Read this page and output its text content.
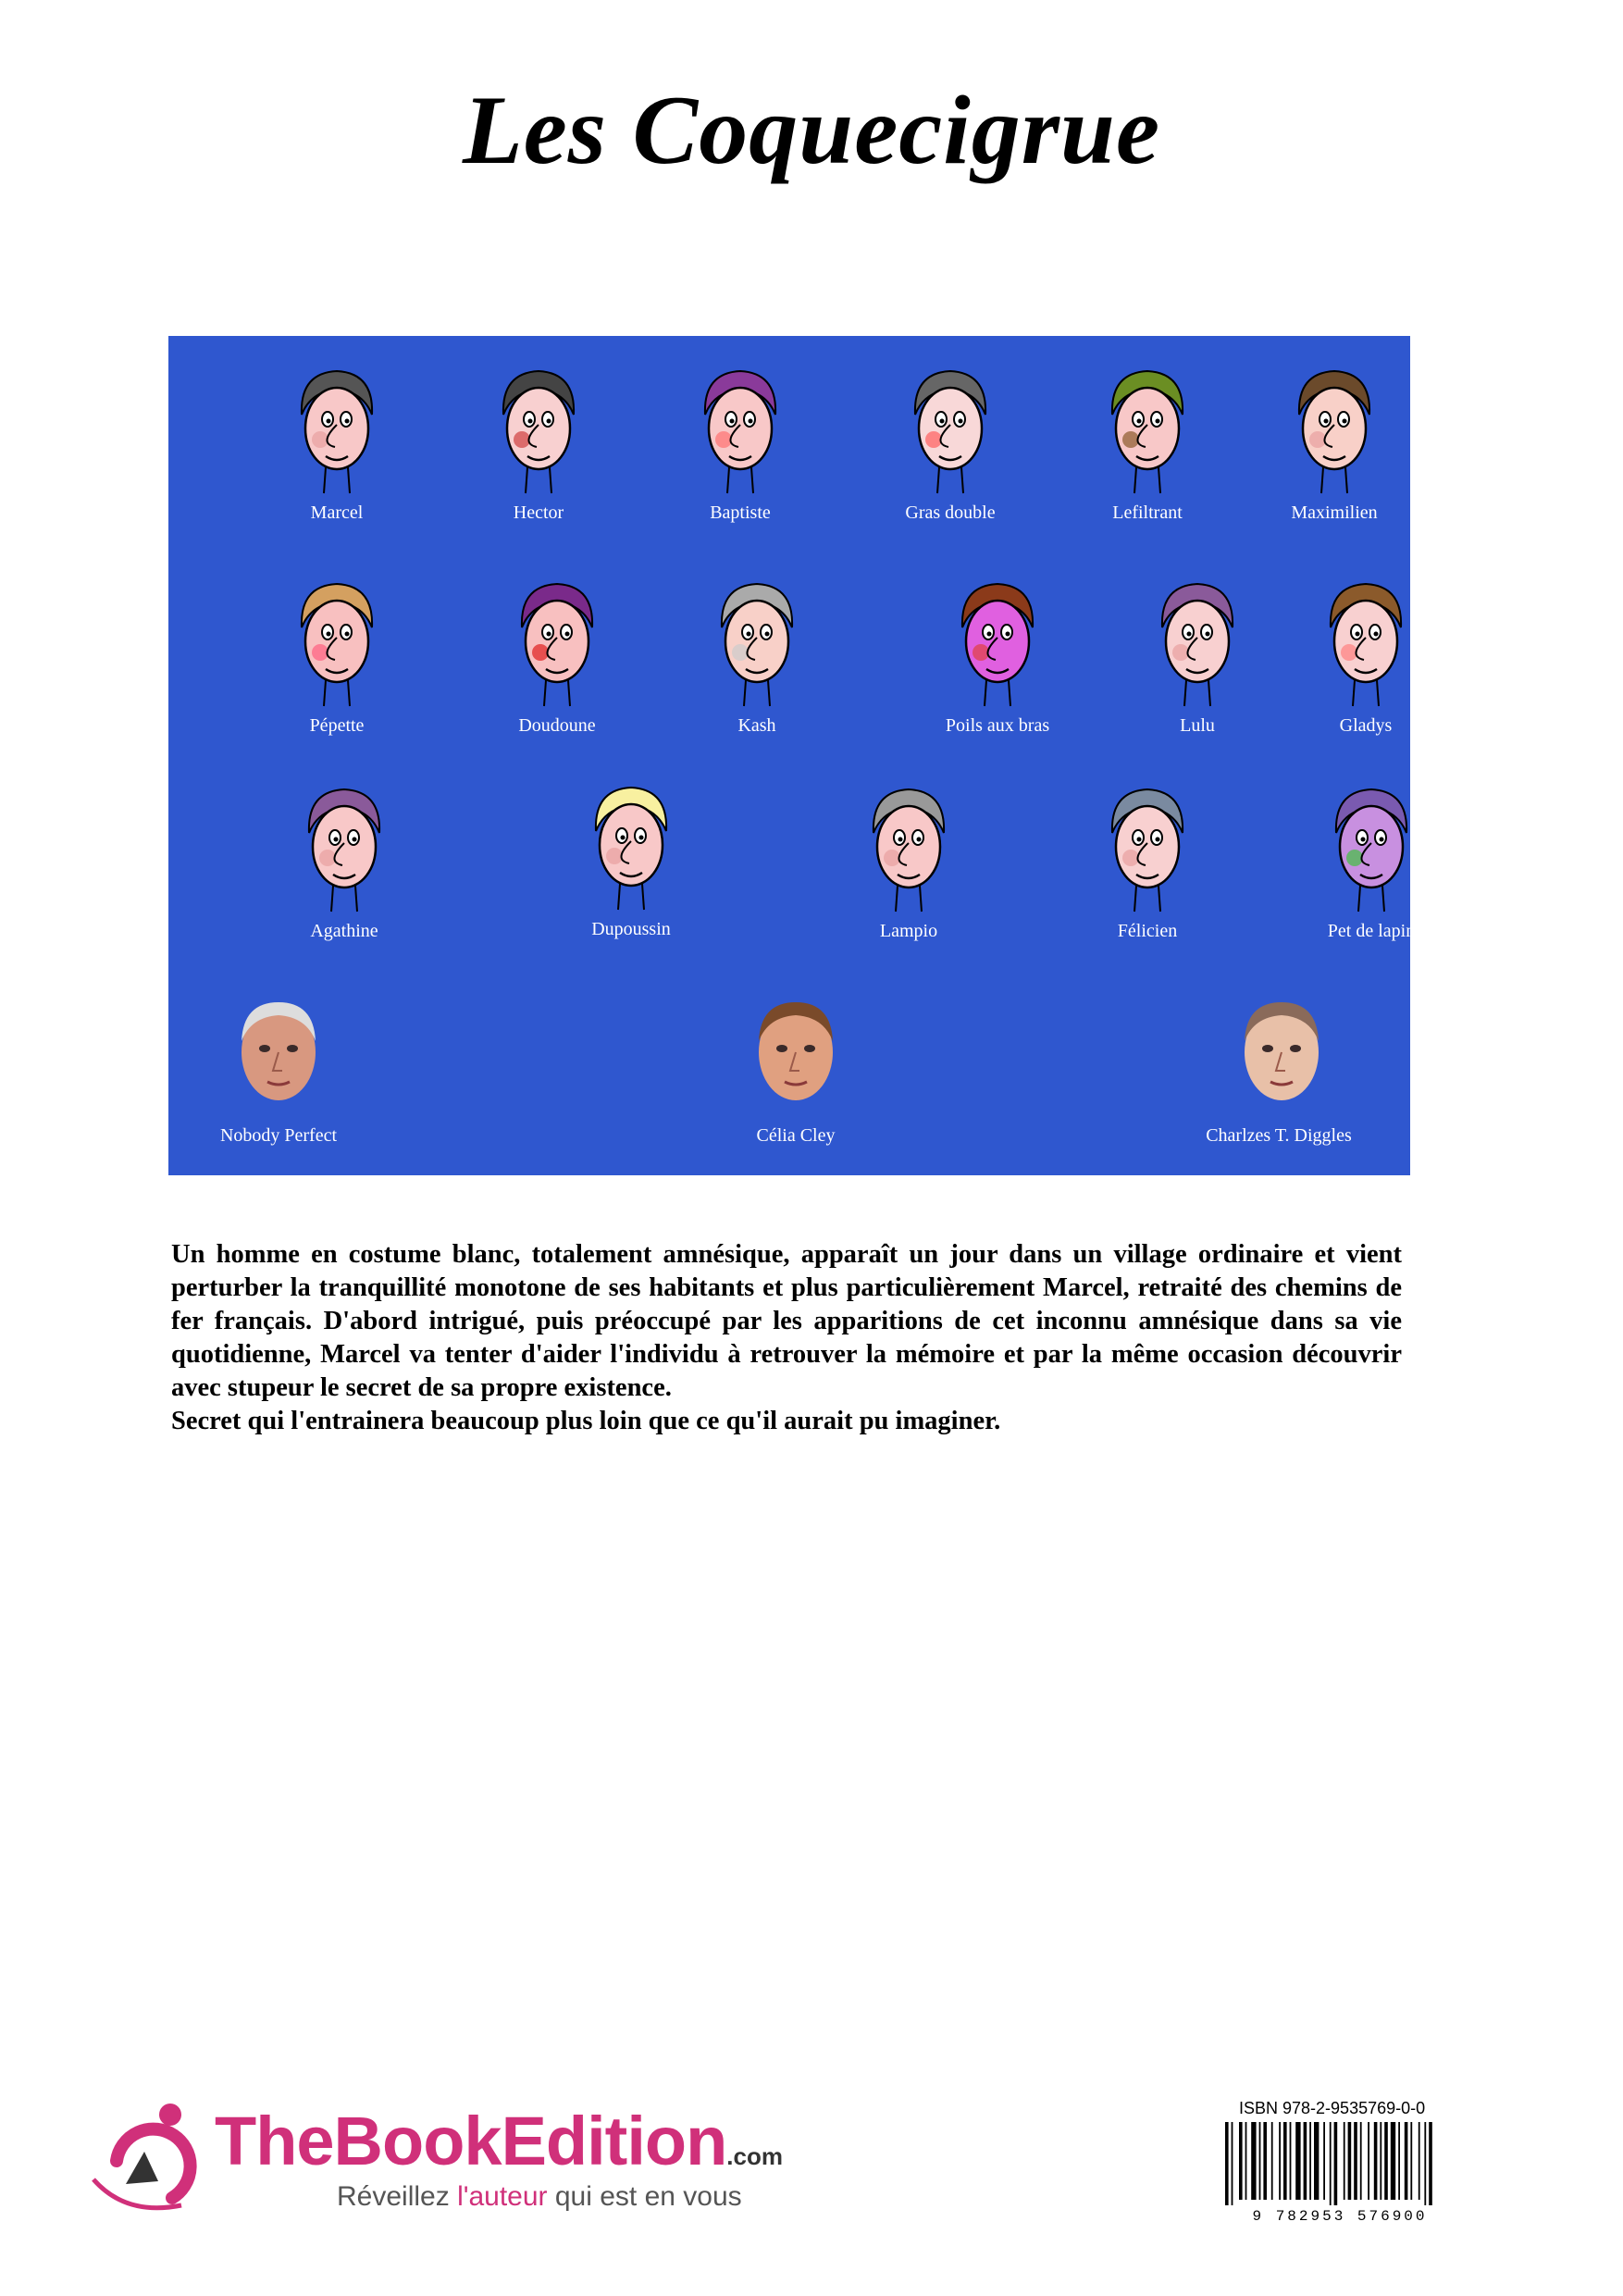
Les Coquecigrue
Marcel	Hector	Baptiste	Gras double	Lefiltrant	Maximilien
Pépette	Doudoune	Kash	Poils aux bras	Lulu	Gladys
Agathine	Dupoussin	Lampio	Félicien	Pet de lapin
Nobody Perfect	Célia Cley	Charlzes T. Diggles

Un homme en costume blanc, totalement amnésique, apparaît un jour dans un village ordinaire et vient perturber la tranquillité monotone de ses habitants et plus particulièrement Marcel, retraité des chemins de fer français. D'abord intrigué, puis préoccupé par les apparitions de cet inconnu amnésique dans sa vie quotidienne, Marcel va tenter d'aider l'individu à retrouver la mémoire et par la même occasion découvrir avec stupeur le secret de sa propre existence.

Secret qui l'entrainera beaucoup plus loin que ce qu'il aurait pu imaginer.

TheBookEdition.com
Réveillez l'auteur qui est en vous
ISBN 978-2-9535769-0-0
9 782953 576900
